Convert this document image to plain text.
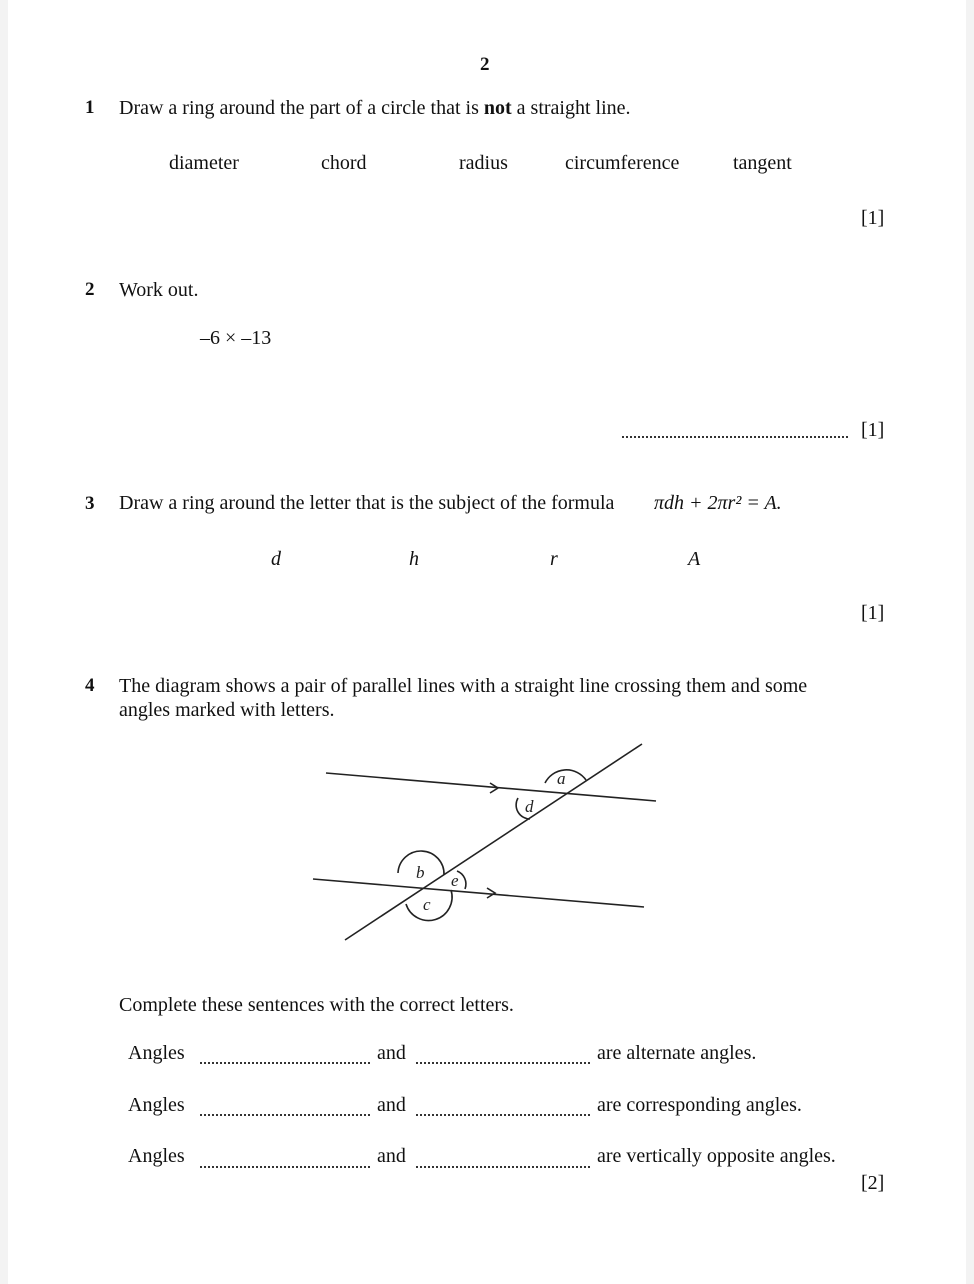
2
1 Draw a ring around the part of a circle that is not a straight line.
diameter	chord	radius	circumference	tangent
[1]
2 Work out.
–6 × –13
[1]
3 Draw a ring around the letter that is the subject of the formula πdh + 2πr² = A.
d	h	r	A
[1]
4 The diagram shows a pair of parallel lines with a straight line crossing them and some
angles marked with letters.
a
d
b e
c
Complete these sentences with the correct letters.
Angles	and	are alternate angles.
Angles	and	are corresponding angles.
Angles	and	are vertically opposite angles.
[2]
